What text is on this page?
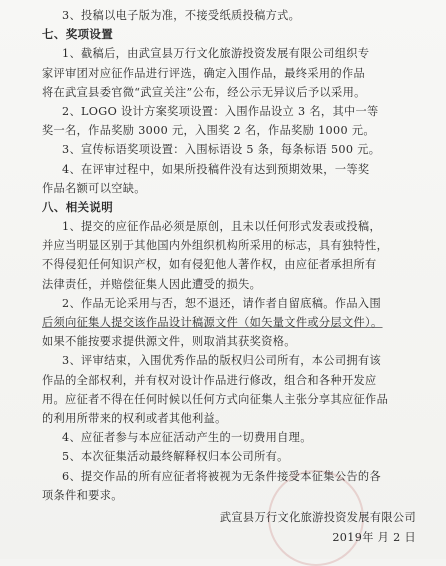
3、投稿以电子版为准，不接受纸质投稿方式。
七、奖项设置
1、截稿后，由武宣县万行文化旅游投资发展有限公司组织专
家评审团对应征作品进行评选，确定入围作品，最终采用的作品
将在武宣县委官微“武宣关注”公布，经公示无异议后予以采用。
2、LOGO 设计方案奖项设置：入围作品设立 3 名，其中一等
奖一名，作品奖励 3000 元，入围奖 2 名，作品奖励 1000 元。
3、宣传标语奖项设置：入围标语设 5 条，每条标语 500 元。
4、在评审过程中，如果所投稿件没有达到预期效果，一等奖
作品名额可以空缺。
八、相关说明
1、提交的应征作品必须是原创，且未以任何形式发表或投稿，
并应当明显区别于其他国内外组织机构所采用的标志，具有独特性，
不得侵犯任何知识产权，如有侵犯他人著作权，由应征者承担所有
法律责任，并赔偿征集人因此遭受的损失。
2、作品无论采用与否，恕不退还，请作者自留底稿。作品入围
后须向征集人提交该作品设计稿源文件（如矢量文件或分层文件）。
如果不能按要求提供源文件，则取消其获奖资格。
3、评审结束，入围优秀作品的版权归公司所有，本公司拥有该
作品的全部权利，并有权对设计作品进行修改，组合和各种开发应
用。应征者不得在任何时候以任何方式向征集人主张分享其应征作品
的利用所带来的权利或者其他利益。
4、应征者参与本应征活动产生的一切费用自理。
5、本次征集活动最终解释权归本公司所有。
6、提交作品的所有应征者将被视为无条件接受本征集公告的各
项条件和要求。
武宣县万行文化旅游投资发展有限公司
2019年 月 2 日
